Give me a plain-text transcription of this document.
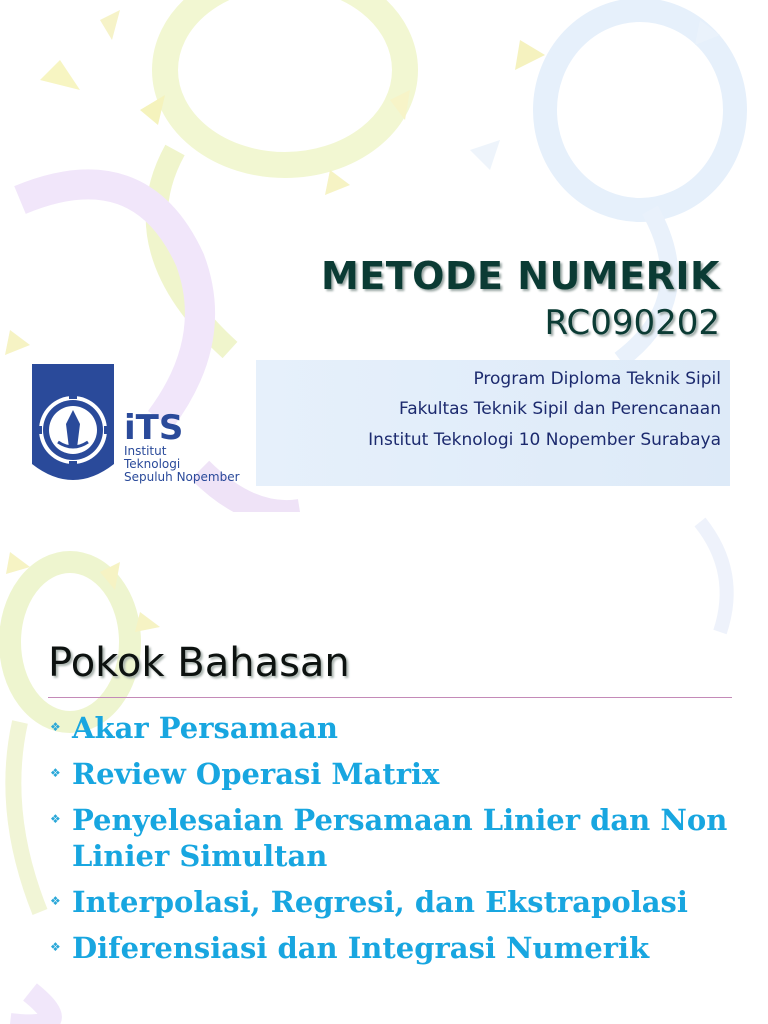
METODE NUMERIK
RC090202
iTS
Institut
Teknologi
Sepuluh Nopember
Program Diploma Teknik Sipil
Fakultas Teknik Sipil dan Perencanaan
Institut Teknologi 10 Nopember Surabaya
Pokok Bahasan
❖ Akar Persamaan
❖ Review Operasi Matrix
❖ Penyelesaian Persamaan Linier dan Non Linier Simultan
❖ Interpolasi, Regresi, dan Ekstrapolasi
❖ Diferensiasi dan Integrasi Numerik
